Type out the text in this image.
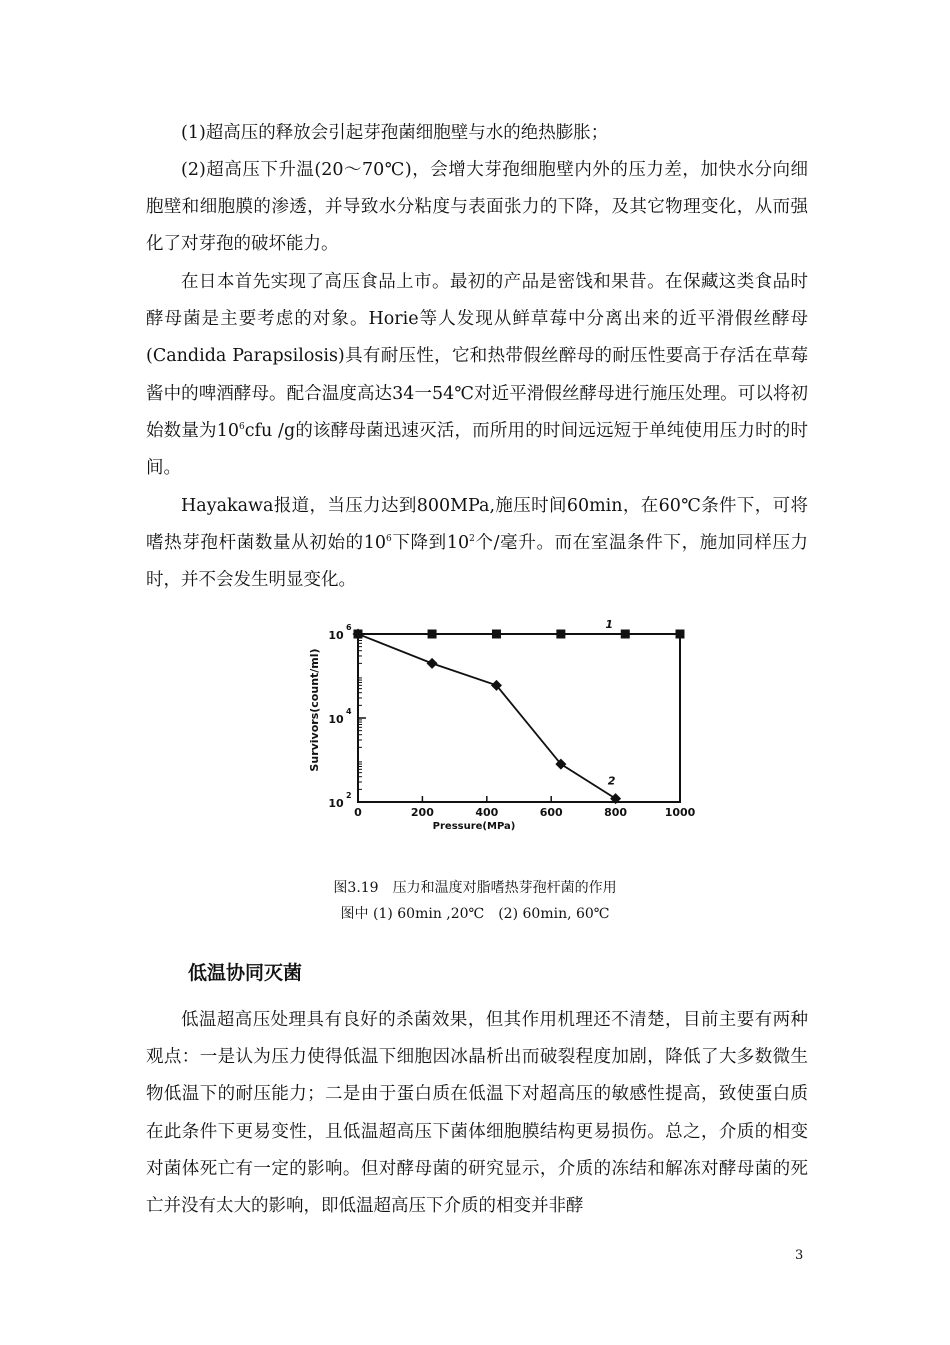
(1)超高压的释放会引起芽孢菌细胞壁与水的绝热膨胀；

(2)超高压下升温(20～70℃)，会增大芽孢细胞壁内外的压力差，加快水分向细胞壁和细胞膜的渗透，并导致水分粘度与表面张力的下降，及其它物理变化，从而强化了对芽孢的破坏能力。

在日本首先实现了高压食品上市。最初的产品是密饯和果昔。在保藏这类食品时酵母菌是主要考虑的对象。Horie等人发现从鲜草莓中分离出来的近平滑假丝酵母(Candida Parapsilosis)具有耐压性，它和热带假丝醉母的耐压性要高于存活在草莓酱中的啤酒酵母。配合温度高达34一54℃对近平滑假丝酵母进行施压处理。可以将初始数量为$10^6cfu$ /g的该酵母菌迅速灭活，而所用的时间远远短于单纯使用压力时的时间。

Hayakawa报道，当压力达到800MPa,施压时间60min，在60℃条件下，可将嗜热芽孢杆菌数量从初始的$10^6$下降到$10^2$个/毫升。而在室温条件下，施加同样压力时，并不会发生明显变化。

0	200	400	600	800	1000
10
6
10
4
10
2
Pressure(MPa)
Survivors(count/ml)
1
2

图3.19　压力和温度对脂嗜热芽孢杆菌的作用

图中 (1) 60min ,20℃　(2) 60min, 60℃

低温协同灭菌

低温超高压处理具有良好的杀菌效果，但其作用机理还不清楚，目前主要有两种观点：一是认为压力使得低温下细胞因冰晶析出而破裂程度加剧，降低了大多数微生物低温下的耐压能力；二是由于蛋白质在低温下对超高压的敏感性提高，致使蛋白质在此条件下更易变性，且低温超高压下菌体细胞膜结构更易损伤。总之，介质的相变对菌体死亡有一定的影响。但对酵母菌的研究显示，介质的冻结和解冻对酵母菌的死亡并没有太大的影响，即低温超高压下介质的相变并非酵

3
